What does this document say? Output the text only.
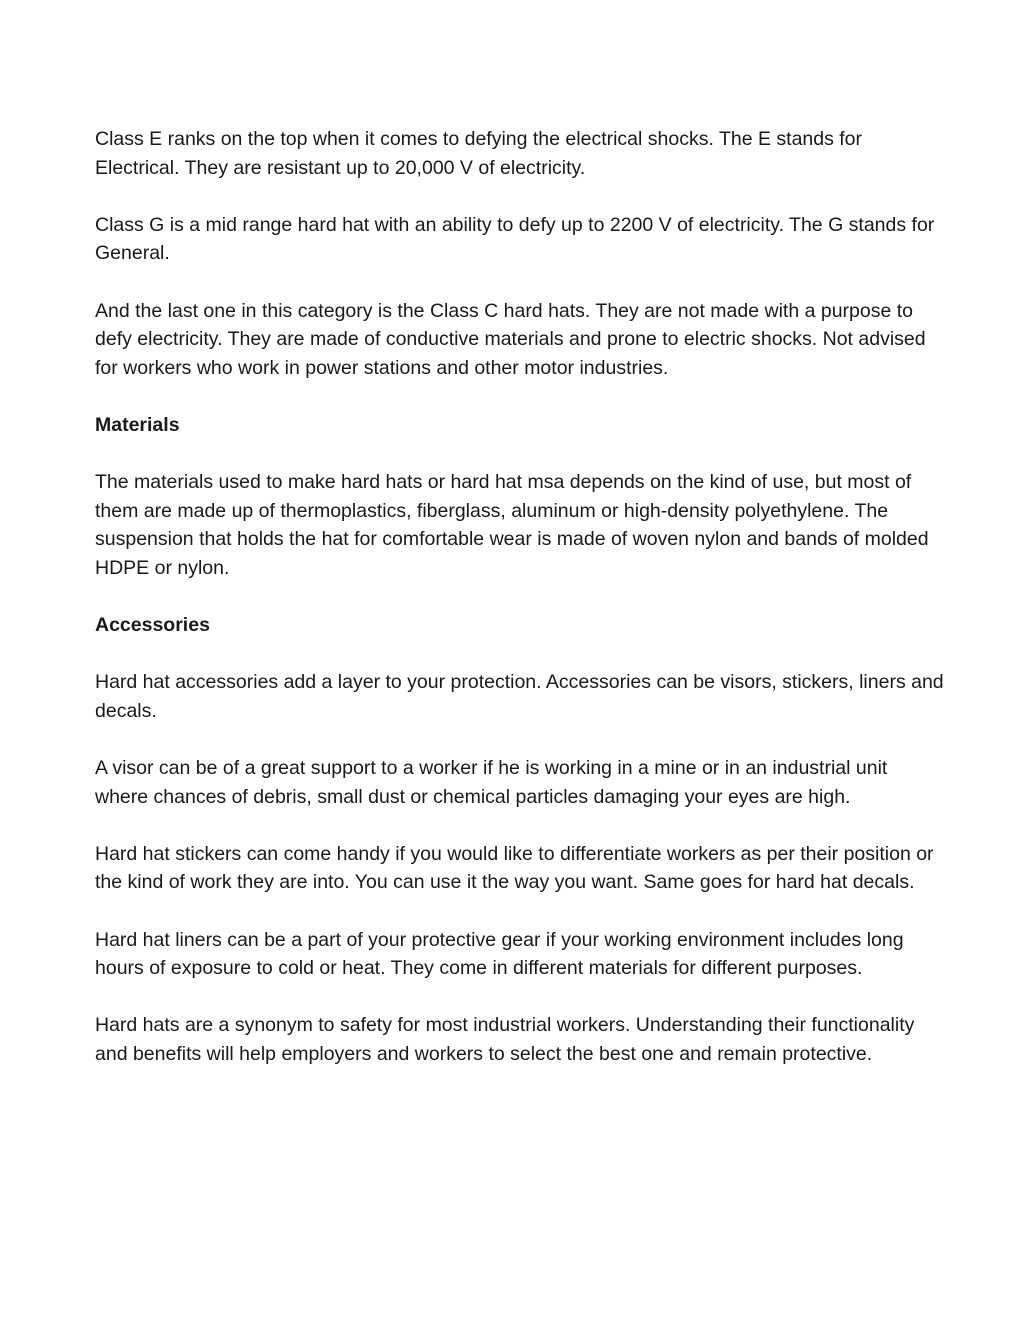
Class E ranks on the top when it comes to defying the electrical shocks. The E stands for Electrical. They are resistant up to 20,000 V of electricity.

Class G is a mid range hard hat with an ability to defy up to 2200 V of electricity. The G stands for General.

And the last one in this category is the Class C hard hats. They are not made with a purpose to defy electricity. They are made of conductive materials and prone to electric shocks. Not advised for workers who work in power stations and other motor industries.

Materials

The materials used to make hard hats or hard hat msa depends on the kind of use, but most of them are made up of thermoplastics, fiberglass, aluminum or high-density polyethylene. The suspension that holds the hat for comfortable wear is made of woven nylon and bands of molded HDPE or nylon.

Accessories

Hard hat accessories add a layer to your protection. Accessories can be visors, stickers, liners and decals.

A visor can be of a great support to a worker if he is working in a mine or in an industrial unit where chances of debris, small dust or chemical particles damaging your eyes are high.

Hard hat stickers can come handy if you would like to differentiate workers as per their position or the kind of work they are into. You can use it the way you want. Same goes for hard hat decals.

Hard hat liners can be a part of your protective gear if your working environment includes long hours of exposure to cold or heat. They come in different materials for different purposes.

Hard hats are a synonym to safety for most industrial workers. Understanding their functionality and benefits will help employers and workers to select the best one and remain protective.
